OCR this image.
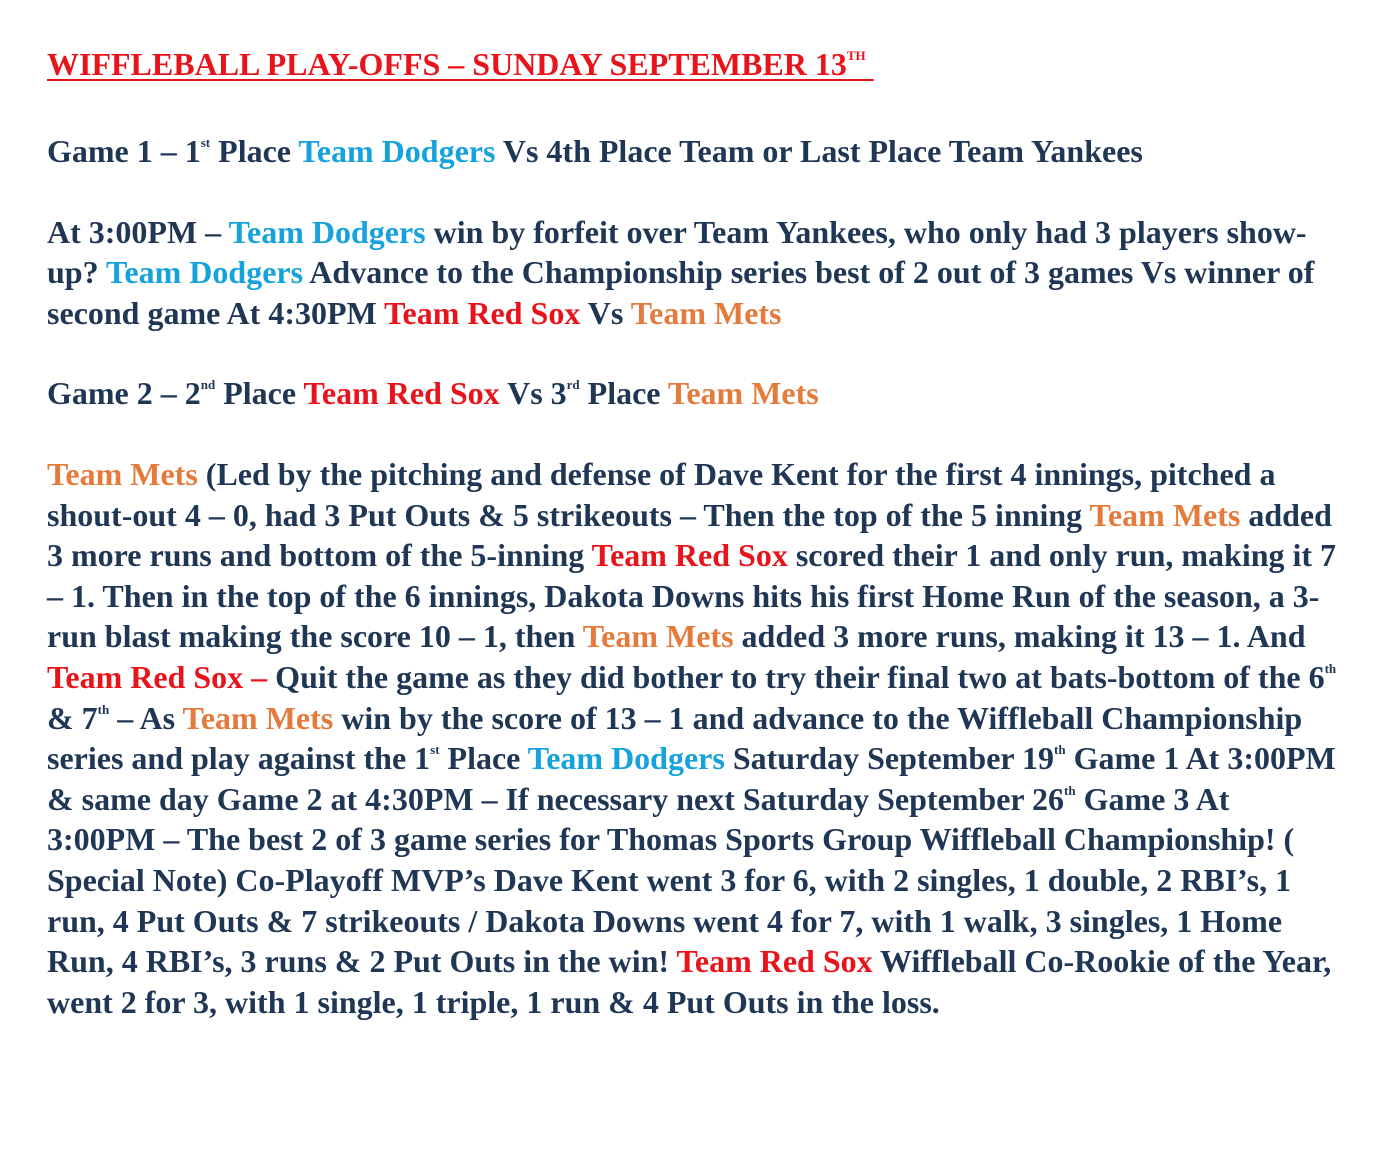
WIFFLEBALL PLAY-OFFS – SUNDAY SEPTEMBER 13TH

Game 1 – 1st Place Team Dodgers Vs 4th Place Team or Last Place Team Yankees

At 3:00PM – Team Dodgers win by forfeit over Team Yankees, who only had 3 players show-up? Team Dodgers Advance to the Championship series best of 2 out of 3 games Vs winner of second game At 4:30PM Team Red Sox Vs Team Mets

Game 2 – 2nd Place Team Red Sox Vs 3rd Place Team Mets

Team Mets (Led by the pitching and defense of Dave Kent for the first 4 innings, pitched a shout-out 4 – 0, had 3 Put Outs & 5 strikeouts – Then the top of the 5 inning Team Mets added 3 more runs and bottom of the 5-inning Team Red Sox scored their 1 and only run, making it 7 – 1. Then in the top of the 6 innings, Dakota Downs hits his first Home Run of the season, a 3-run blast making the score 10 – 1, then Team Mets added 3 more runs, making it 13 – 1. And Team Red Sox – Quit the game as they did bother to try their final two at bats-bottom of the 6th & 7th – As Team Mets win by the score of 13 – 1 and advance to the Wiffleball Championship series and play against the 1st Place Team Dodgers Saturday September 19th Game 1 At 3:00PM & same day Game 2 at 4:30PM – If necessary next Saturday September 26th Game 3 At 3:00PM – The best 2 of 3 game series for Thomas Sports Group Wiffleball Championship! ( Special Note) Co-Playoff MVP’s Dave Kent went 3 for 6, with 2 singles, 1 double, 2 RBI’s, 1 run, 4 Put Outs & 7 strikeouts / Dakota Downs went 4 for 7, with 1 walk, 3 singles, 1 Home Run, 4 RBI’s, 3 runs & 2 Put Outs in the win! Team Red Sox Wiffleball Co-Rookie of the Year, went 2 for 3, with 1 single, 1 triple, 1 run & 4 Put Outs in the loss.
